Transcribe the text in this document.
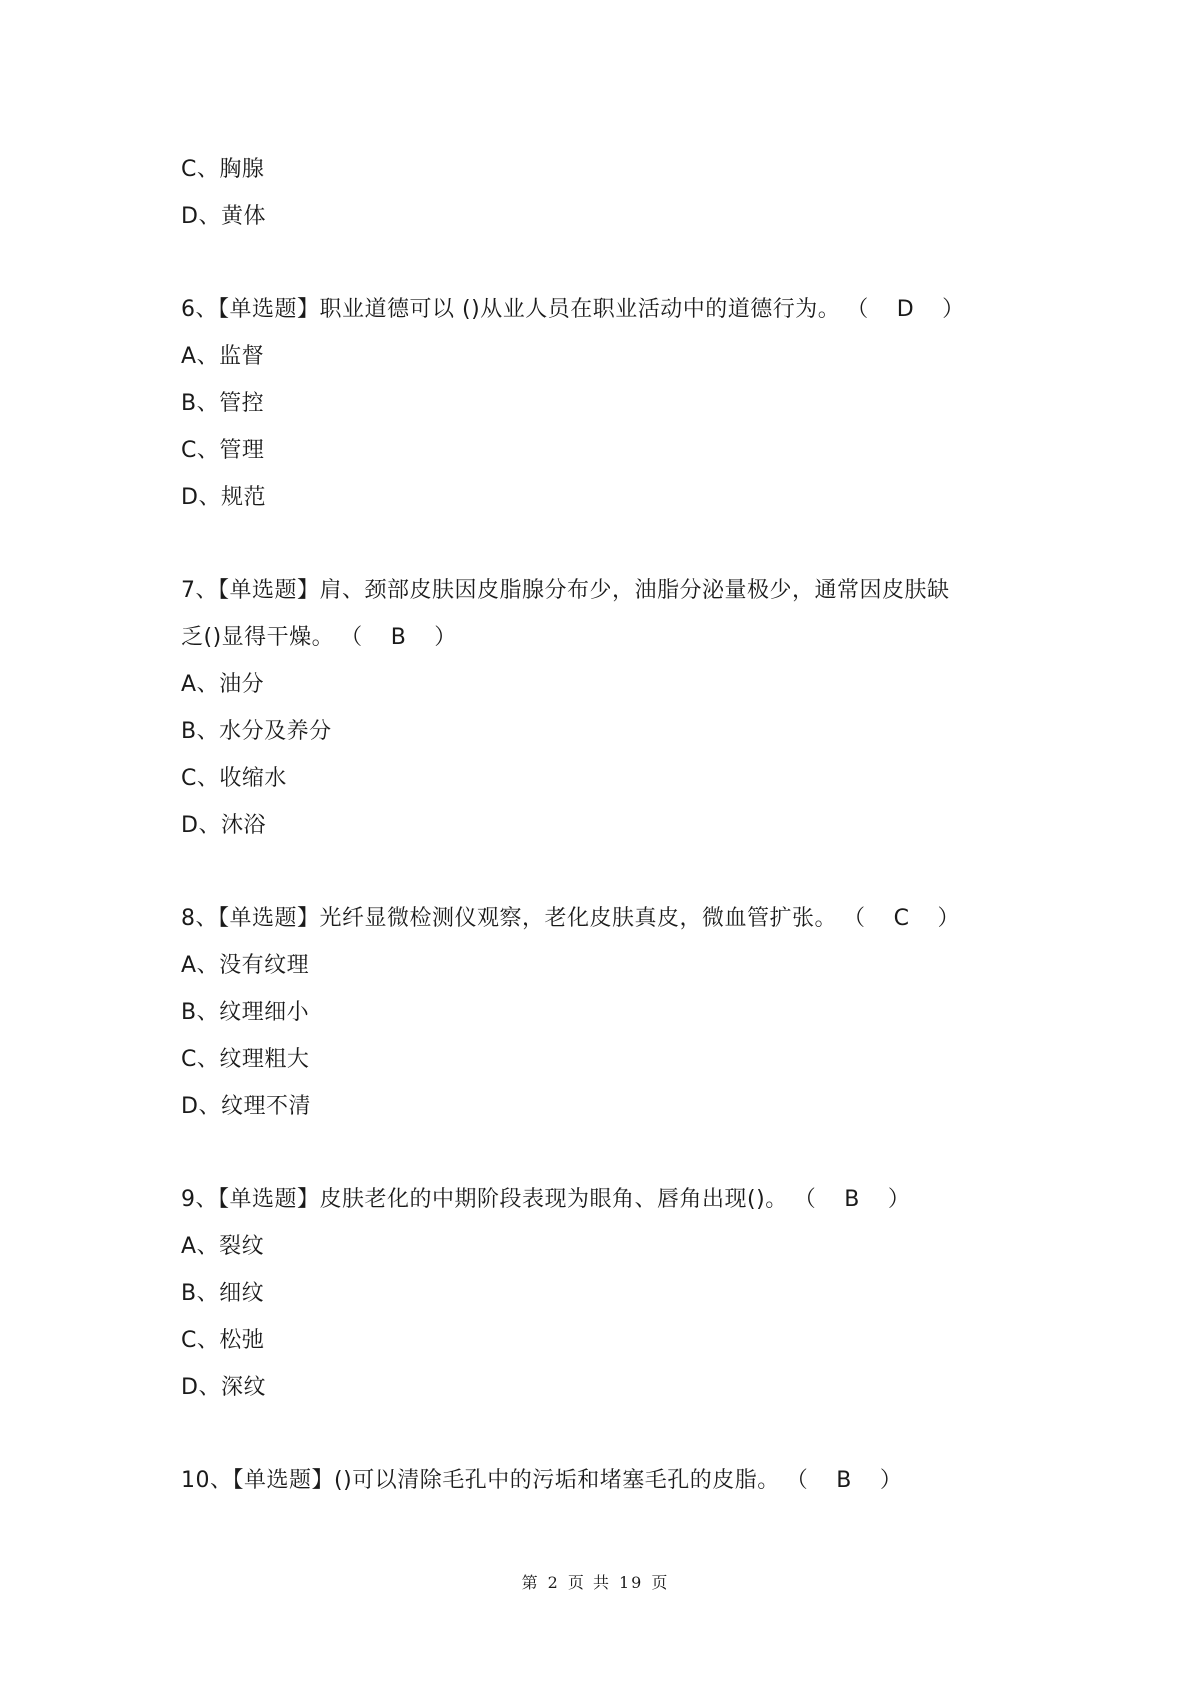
C、胸腺
D、黄体
6、【单选题】职业道德可以 ()从业人员在职业活动中的道德行为。 （ D ）
A、监督
B、管控
C、管理
D、规范
7、【单选题】肩、颈部皮肤因皮脂腺分布少，油脂分泌量极少，通常因皮肤缺
乏()显得干燥。 （ B ）
A、油分
B、水分及养分
C、收缩水
D、沐浴
8、【单选题】光纤显微检测仪观察，老化皮肤真皮，微血管扩张。 （ C ）
A、没有纹理
B、纹理细小
C、纹理粗大
D、纹理不清
9、【单选题】皮肤老化的中期阶段表现为眼角、唇角出现()。 （ B ）
A、裂纹
B、细纹
C、松弛
D、深纹
10、【单选题】()可以清除毛孔中的污垢和堵塞毛孔的皮脂。 （ B ）
第 2 页 共 19 页
